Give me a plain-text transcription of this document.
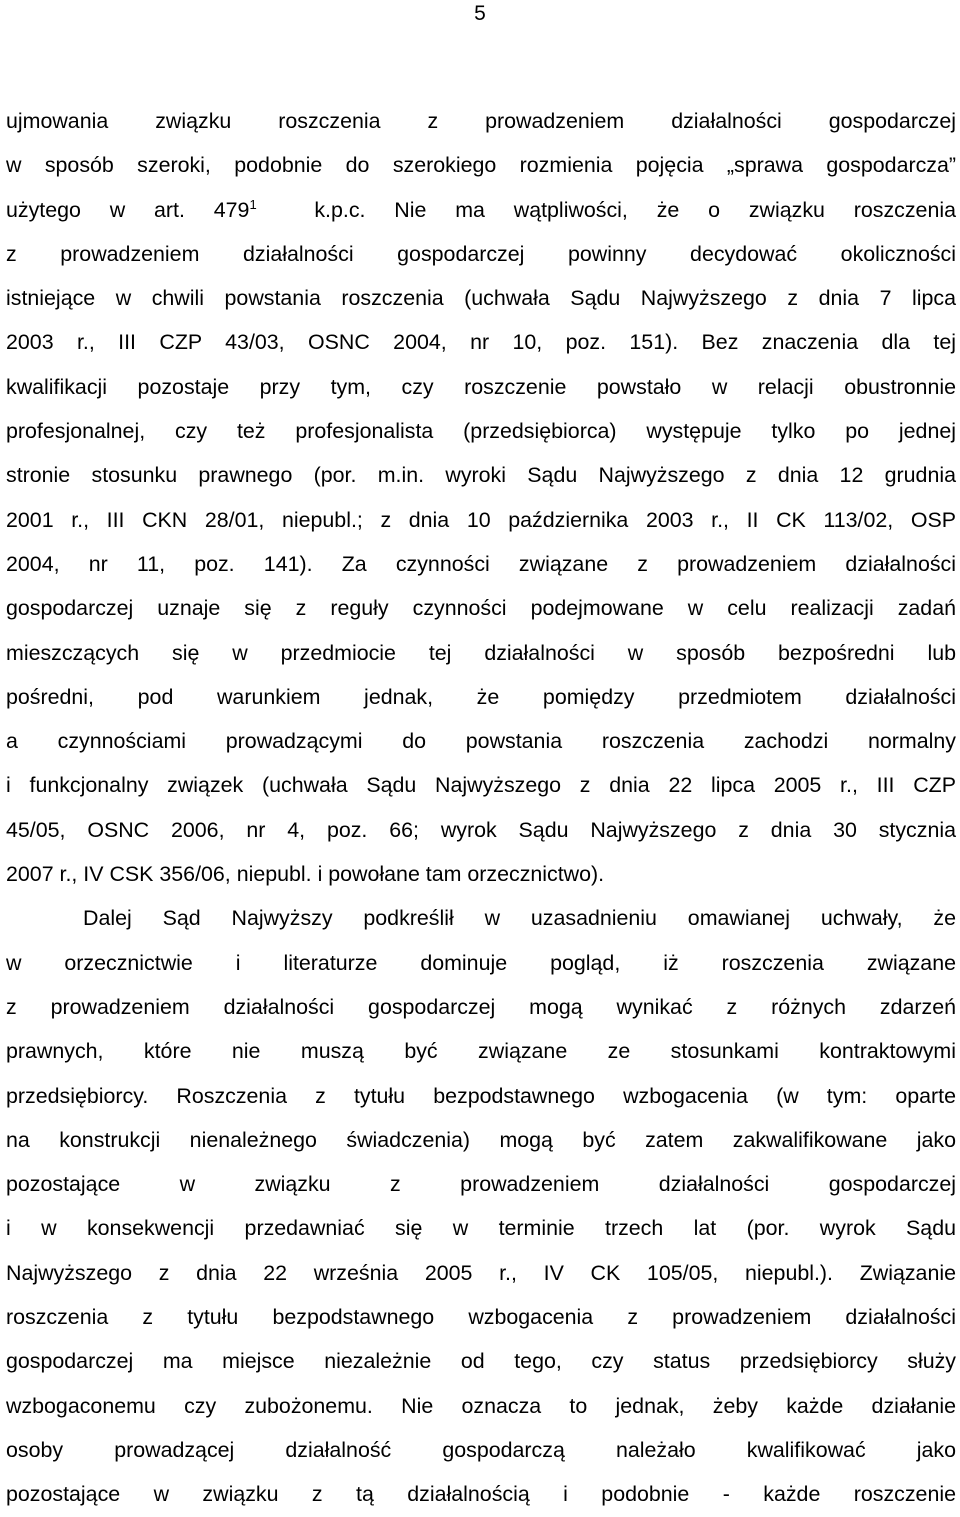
5
ujmowania związku roszczenia z prowadzeniem działalności gospodarczej
w sposób szeroki, podobnie do szerokiego rozmienia pojęcia „sprawa gospodarcza”
użytego w art. $479^1$	k.p.c. Nie ma wątpliwości, że o związku roszczenia
z prowadzeniem działalności gospodarczej powinny decydować okoliczności
istniejące w chwili powstania roszczenia (uchwała Sądu Najwyższego z dnia 7 lipca
2003 r., III CZP 43/03, OSNC 2004, nr 10, poz. 151). Bez znaczenia dla tej
kwalifikacji pozostaje przy tym, czy roszczenie powstało w relacji obustronnie
profesjonalnej, czy też profesjonalista (przedsiębiorca) występuje tylko po jednej
stronie stosunku prawnego (por. m.in. wyroki Sądu Najwyższego z dnia 12 grudnia
2001 r., III CKN 28/01, niepubl.; z dnia 10 października 2003 r., II CK 113/02, OSP
2004, nr 11, poz. 141). Za czynności związane z prowadzeniem działalności
gospodarczej uznaje się z reguły czynności podejmowane w celu realizacji zadań
mieszczących się w przedmiocie tej działalności w sposób bezpośredni lub
pośredni, pod warunkiem jednak, że pomiędzy przedmiotem działalności
a czynnościami prowadzącymi do powstania roszczenia zachodzi normalny
i funkcjonalny związek (uchwała Sądu Najwyższego z dnia 22 lipca 2005 r., III CZP
45/05, OSNC 2006, nr 4, poz. 66; wyrok Sądu Najwyższego z dnia 30 stycznia
2007 r., IV CSK 356/06, niepubl. i powołane tam orzecznictwo).
Dalej Sąd Najwyższy podkreślił w uzasadnieniu omawianej uchwały, że
w orzecznictwie i literaturze dominuje pogląd, iż roszczenia związane
z prowadzeniem działalności gospodarczej mogą wynikać z różnych zdarzeń
prawnych, które nie muszą być związane ze stosunkami kontraktowymi
przedsiębiorcy. Roszczenia z tytułu bezpodstawnego wzbogacenia (w tym: oparte
na konstrukcji nienależnego świadczenia) mogą być zatem zakwalifikowane jako
pozostające w związku z prowadzeniem działalności gospodarczej
i w konsekwencji przedawniać się w terminie trzech lat (por. wyrok Sądu
Najwyższego z dnia 22 września 2005 r., IV CK 105/05, niepubl.). Związanie
roszczenia z tytułu bezpodstawnego wzbogacenia z prowadzeniem działalności
gospodarczej ma miejsce niezależnie od tego, czy status przedsiębiorcy służy
wzbogaconemu czy zubożonemu. Nie oznacza to jednak, żeby każde działanie
osoby prowadzącej działalność gospodarczą należało kwalifikować jako
pozostające w związku z tą działalnością i podobnie - każde roszczenie
